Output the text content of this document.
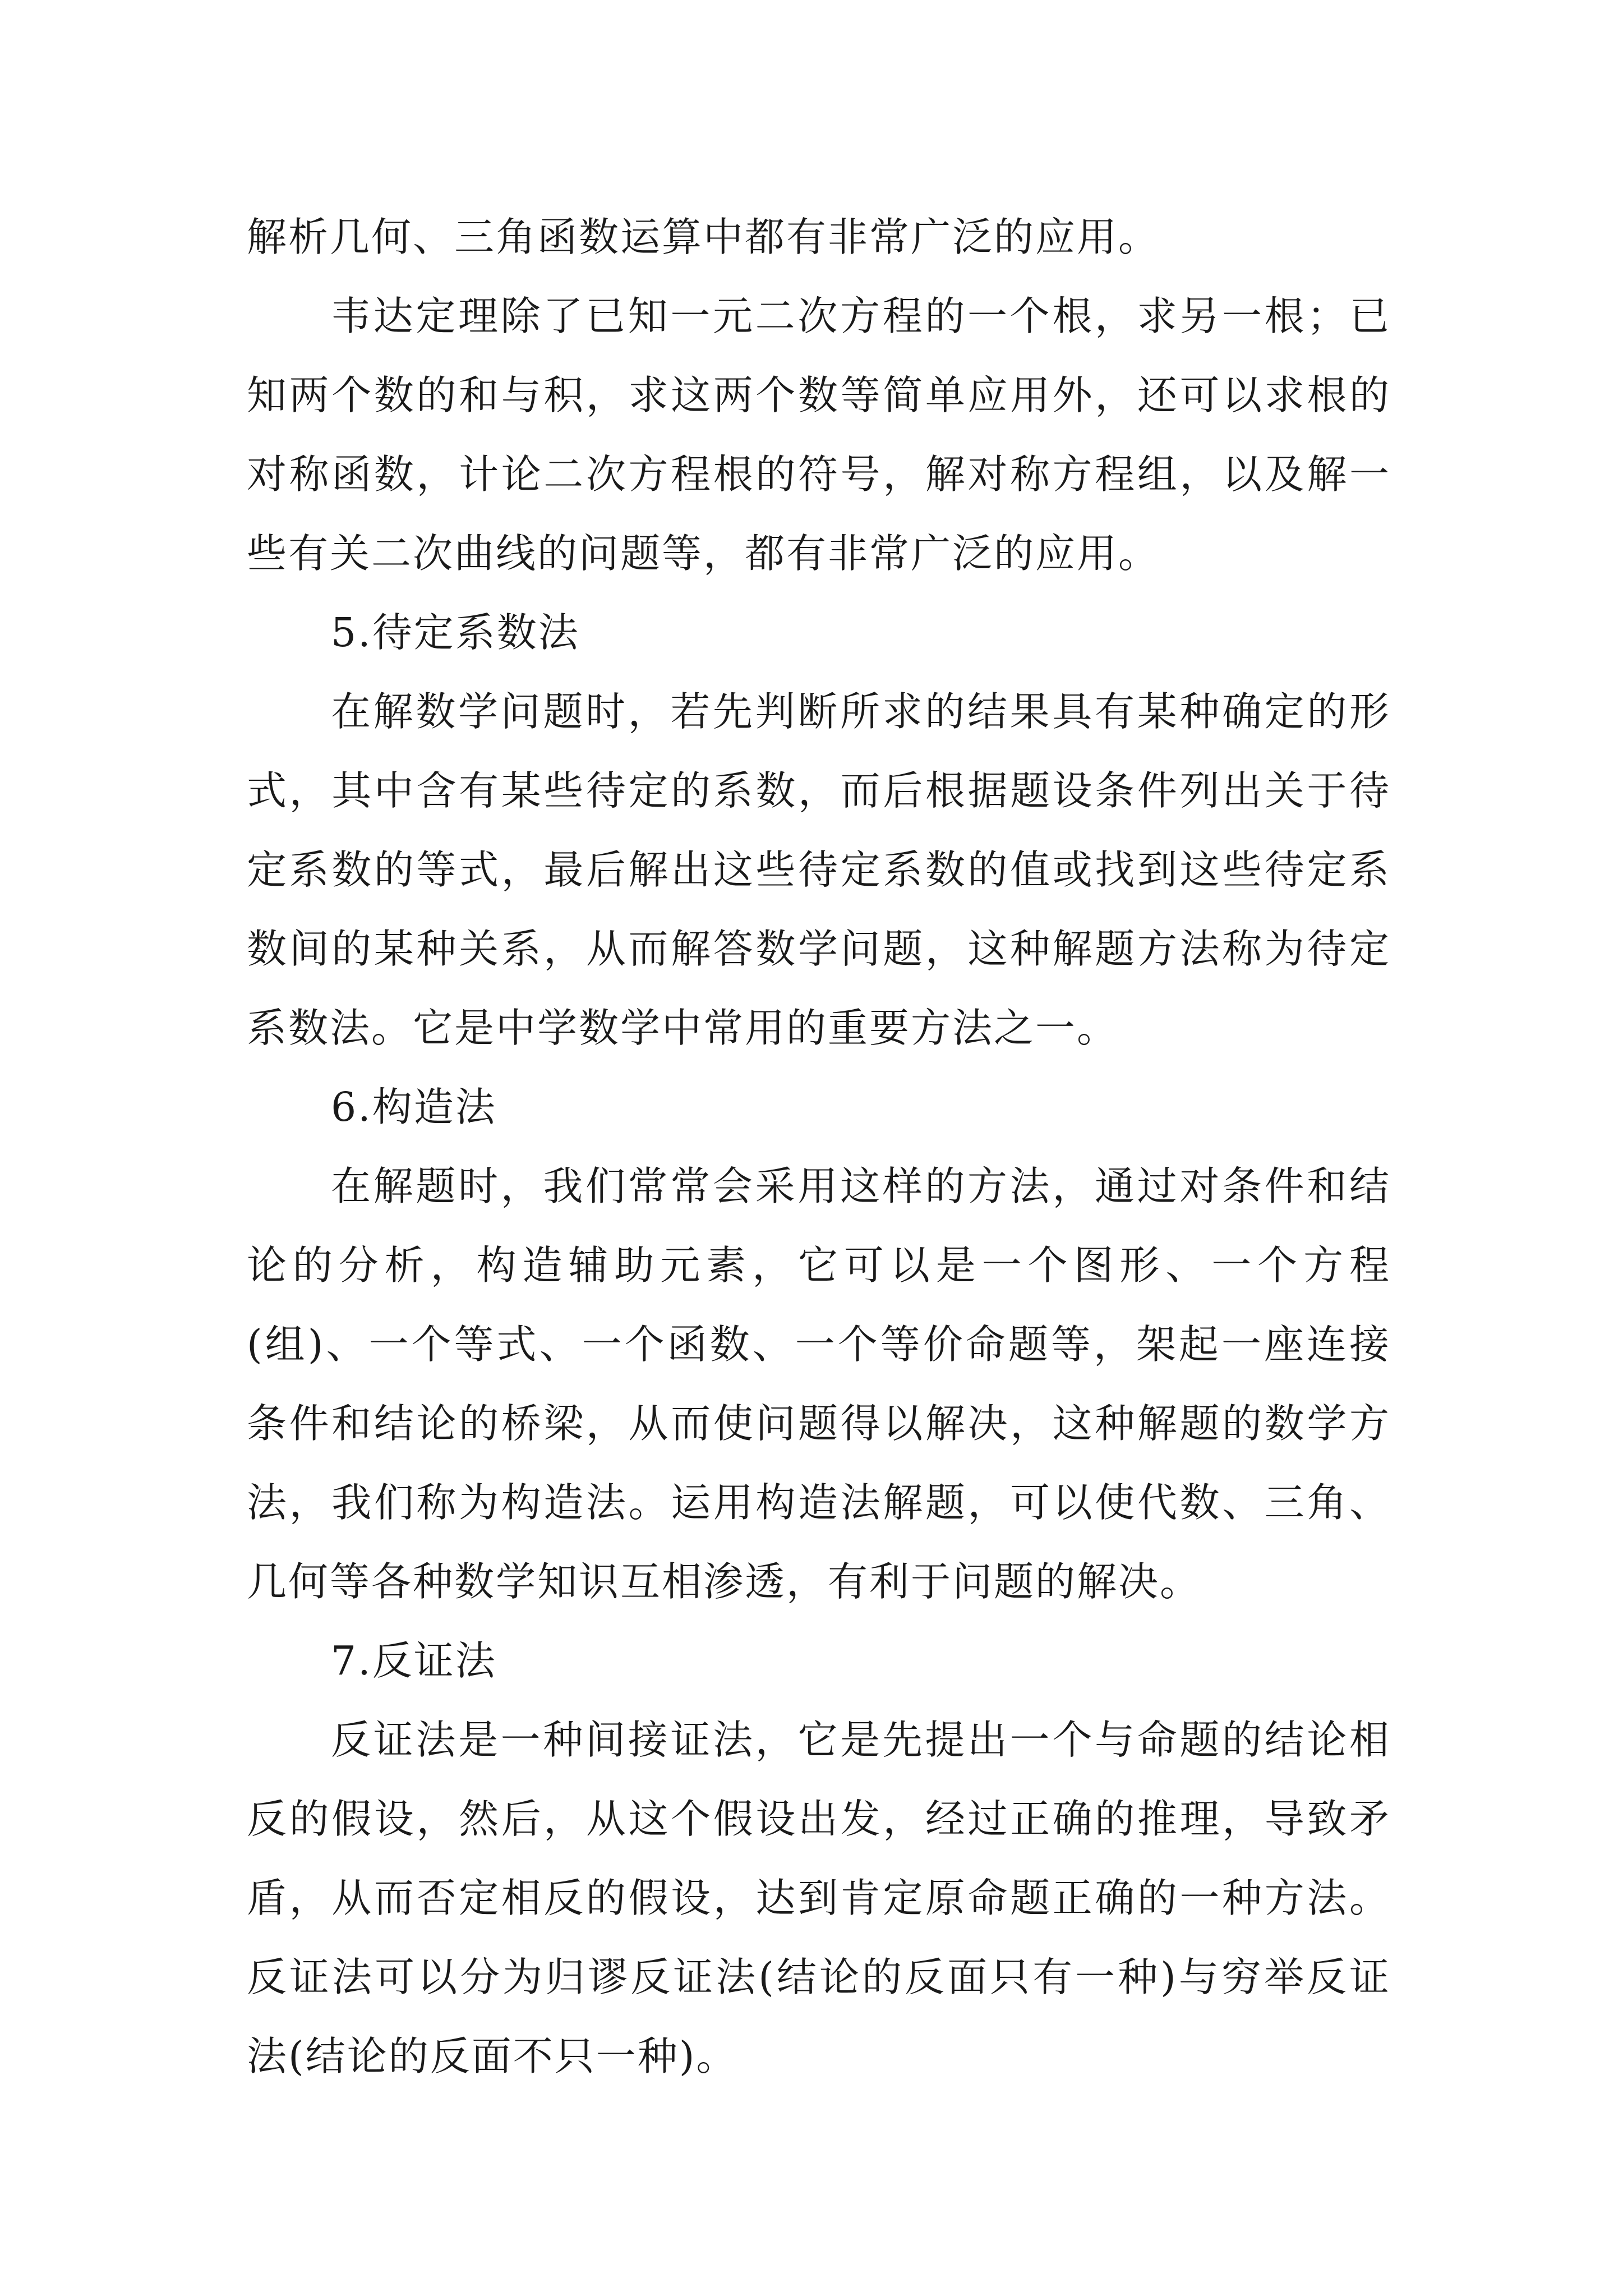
解析几何、三角函数运算中都有非常广泛的应用。

韦达定理除了已知一元二次方程的一个根，求另一根；已知两个数的和与积，求这两个数等简单应用外，还可以求根的对称函数，计论二次方程根的符号，解对称方程组，以及解一些有关二次曲线的问题等，都有非常广泛的应用。

5.待定系数法

在解数学问题时，若先判断所求的结果具有某种确定的形式，其中含有某些待定的系数，而后根据题设条件列出关于待定系数的等式，最后解出这些待定系数的值或找到这些待定系数间的某种关系，从而解答数学问题，这种解题方法称为待定系数法。它是中学数学中常用的重要方法之一。

6.构造法

在解题时，我们常常会采用这样的方法，通过对条件和结论的分析，构造辅助元素，它可以是一个图形、一个方程(组)、一个等式、一个函数、一个等价命题等，架起一座连接条件和结论的桥梁，从而使问题得以解决，这种解题的数学方法，我们称为构造法。运用构造法解题，可以使代数、三角、几何等各种数学知识互相渗透，有利于问题的解决。

7.反证法

反证法是一种间接证法，它是先提出一个与命题的结论相反的假设，然后，从这个假设出发，经过正确的推理，导致矛盾，从而否定相反的假设，达到肯定原命题正确的一种方法。反证法可以分为归谬反证法(结论的反面只有一种)与穷举反证法(结论的反面不只一种)。
